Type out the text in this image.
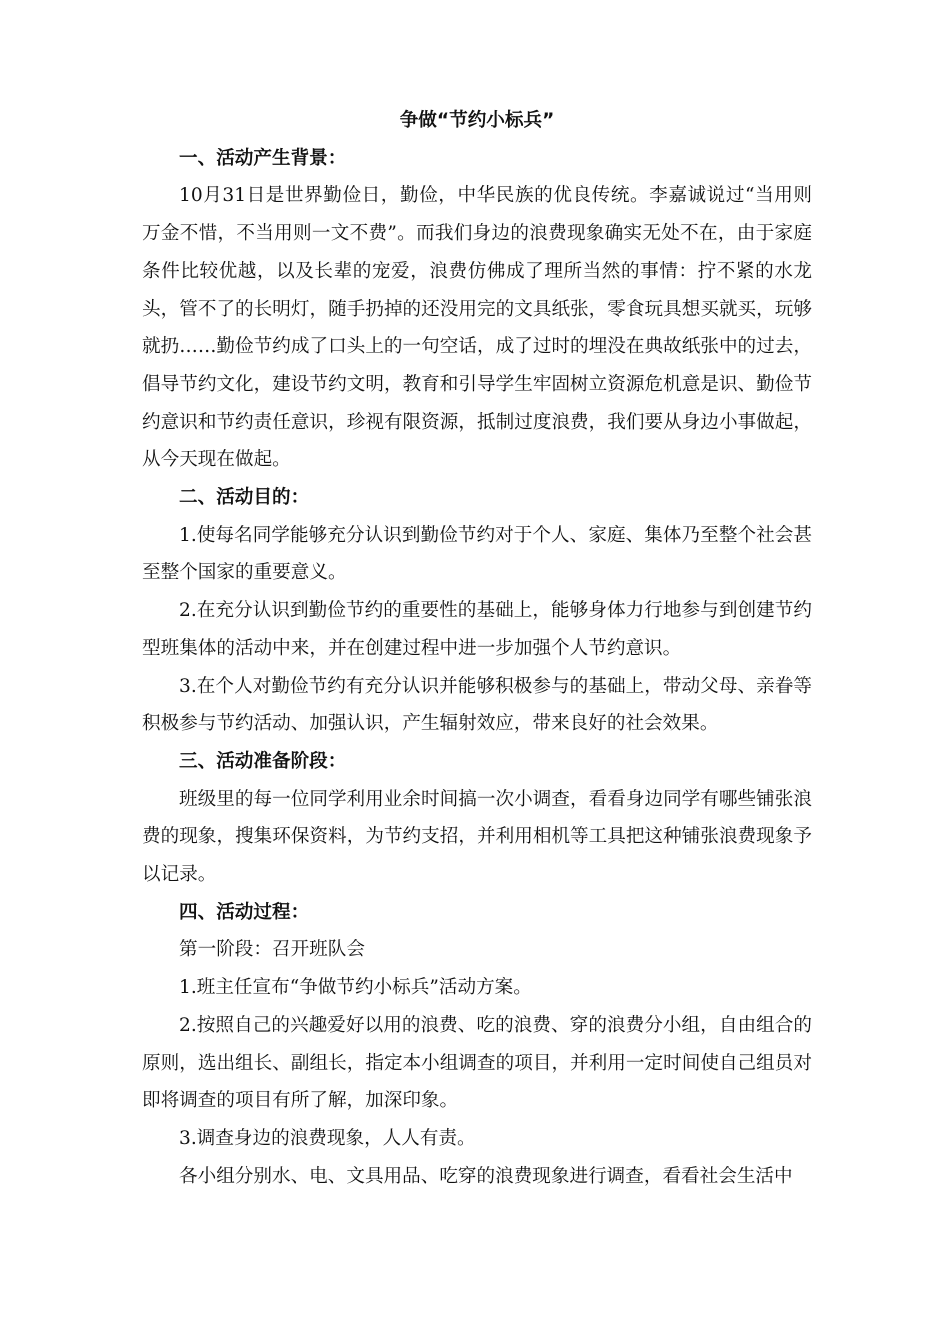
争做“节约小标兵”

一、活动产生背景：

10月31日是世界勤俭日，勤俭，中华民族的优良传统。李嘉诚说过“当用则万金不惜，不当用则一文不费”。而我们身边的浪费现象确实无处不在，由于家庭条件比较优越，以及长辈的宠爱，浪费仿佛成了理所当然的事情：拧不紧的水龙头，管不了的长明灯，随手扔掉的还没用完的文具纸张，零食玩具想买就买，玩够就扔……勤俭节约成了口头上的一句空话，成了过时的埋没在典故纸张中的过去，倡导节约文化，建设节约文明，教育和引导学生牢固树立资源危机意是识、勤俭节约意识和节约责任意识，珍视有限资源，抵制过度浪费，我们要从身边小事做起，从今天现在做起。

二、活动目的：

1.使每名同学能够充分认识到勤俭节约对于个人、家庭、集体乃至整个社会甚至整个国家的重要意义。

2.在充分认识到勤俭节约的重要性的基础上，能够身体力行地参与到创建节约型班集体的活动中来，并在创建过程中进一步加强个人节约意识。

3.在个人对勤俭节约有充分认识并能够积极参与的基础上，带动父母、亲眷等积极参与节约活动、加强认识，产生辐射效应，带来良好的社会效果。

三、活动准备阶段：

班级里的每一位同学利用业余时间搞一次小调查，看看身边同学有哪些铺张浪费的现象，搜集环保资料，为节约支招，并利用相机等工具把这种铺张浪费现象予以记录。

四、活动过程：

第一阶段：召开班队会

1.班主任宣布“争做节约小标兵”活动方案。

2.按照自己的兴趣爱好以用的浪费、吃的浪费、穿的浪费分小组，自由组合的原则，选出组长、副组长，指定本小组调查的项目，并利用一定时间使自己组员对即将调查的项目有所了解，加深印象。

3.调查身边的浪费现象，人人有责。

各小组分别水、电、文具用品、吃穿的浪费现象进行调查，看看社会生活中
